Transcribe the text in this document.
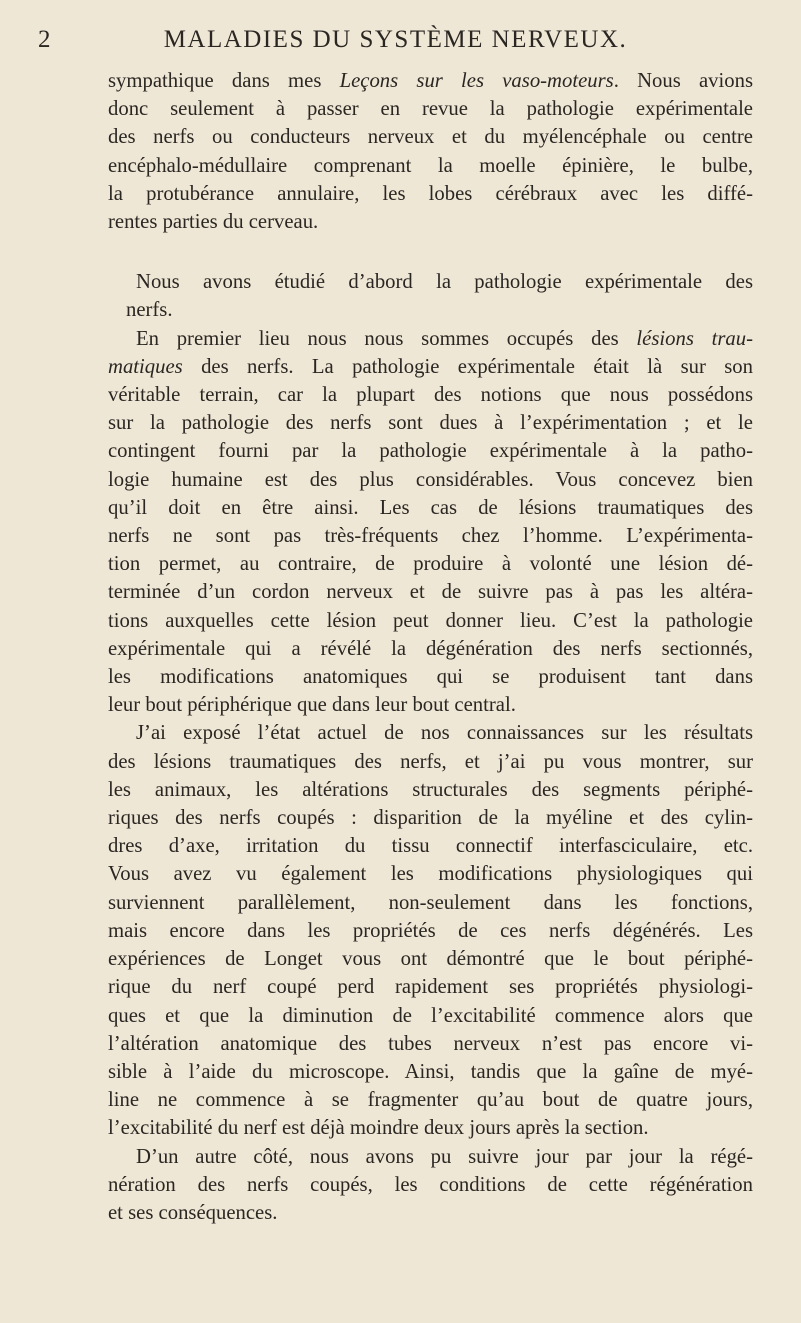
2	MALADIES DU SYSTÈME NERVEUX.
sympathique dans mes Leçons sur les vaso-moteurs. Nous avions
donc seulement à passer en revue la pathologie expérimentale
des nerfs ou conducteurs nerveux et du myélencéphale ou centre
encéphalo-médullaire comprenant la moelle épinière, le bulbe,
la protubérance annulaire, les lobes cérébraux avec les diffé-
rentes parties du cerveau.
Nous avons étudié d’abord la pathologie expérimentale des
nerfs.
En premier lieu nous nous sommes occupés des lésions trau-
matiques des nerfs. La pathologie expérimentale était là sur son
véritable terrain, car la plupart des notions que nous possédons
sur la pathologie des nerfs sont dues à l’expérimentation ; et le
contingent fourni par la pathologie expérimentale à la patho-
logie humaine est des plus considérables. Vous concevez bien
qu’il doit en être ainsi. Les cas de lésions traumatiques des
nerfs ne sont pas très-fréquents chez l’homme. L’expérimenta-
tion permet, au contraire, de produire à volonté une lésion dé-
terminée d’un cordon nerveux et de suivre pas à pas les altéra-
tions auxquelles cette lésion peut donner lieu. C’est la pathologie
expérimentale qui a révélé la dégénération des nerfs sectionnés,
les modifications anatomiques qui se produisent tant dans
leur bout périphérique que dans leur bout central.
J’ai exposé l’état actuel de nos connaissances sur les résultats
des lésions traumatiques des nerfs, et j’ai pu vous montrer, sur
les animaux, les altérations structurales des segments périphé-
riques des nerfs coupés : disparition de la myéline et des cylin-
dres d’axe, irritation du tissu connectif interfasciculaire, etc.
Vous avez vu également les modifications physiologiques qui
surviennent parallèlement, non-seulement dans les fonctions,
mais encore dans les propriétés de ces nerfs dégénérés. Les
expériences de Longet vous ont démontré que le bout périphé-
rique du nerf coupé perd rapidement ses propriétés physiologi-
ques et que la diminution de l’excitabilité commence alors que
l’altération anatomique des tubes nerveux n’est pas encore vi-
sible à l’aide du microscope. Ainsi, tandis que la gaîne de myé-
line ne commence à se fragmenter qu’au bout de quatre jours,
l’excitabilité du nerf est déjà moindre deux jours après la section.
D’un autre côté, nous avons pu suivre jour par jour la régé-
nération des nerfs coupés, les conditions de cette régénération
et ses conséquences.
